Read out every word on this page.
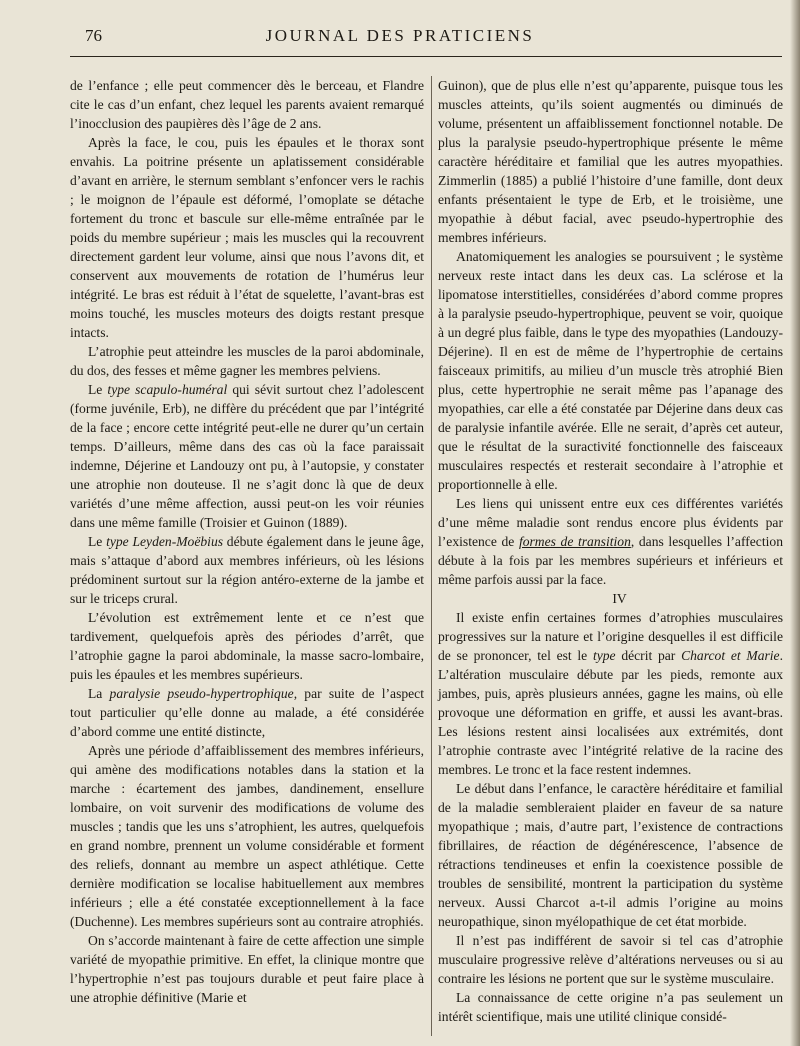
76	JOURNAL DES PRATICIENS

de l’enfance ; elle peut commencer dès le berceau, et Flandre cite le cas d’un enfant, chez lequel les parents avaient remarqué l’inocclusion des paupières dès l’âge de 2 ans.

Après la face, le cou, puis les épaules et le thorax sont envahis. La poitrine présente un aplatissement considérable d’avant en arrière, le sternum semblant s’enfoncer vers le rachis ; le moignon de l’épaule est déformé, l’omoplate se détache fortement du tronc et bascule sur elle-même entraînée par le poids du membre supérieur ; mais les muscles qui la recouvrent directement gardent leur volume, ainsi que nous l’avons dit, et conservent aux mouvements de rotation de l’humérus leur intégrité. Le bras est réduit à l’état de squelette, l’avant-bras est moins touché, les muscles moteurs des doigts restant presque intacts.

L’atrophie peut atteindre les muscles de la paroi abdominale, du dos, des fesses et même gagner les membres pelviens.

Le type scapulo-huméral qui sévit surtout chez l’adolescent (forme juvénile, Erb), ne diffère du précédent que par l’intégrité de la face ; encore cette intégrité peut-elle ne durer qu’un certain temps. D’ailleurs, même dans des cas où la face paraissait indemne, Déjerine et Landouzy ont pu, à l’autopsie, y constater une atrophie non douteuse. Il ne s’agit donc là que de deux variétés d’une même affection, aussi peut-on les voir réunies dans une même famille (Troisier et Guinon (1889).

Le type Leyden-Moëbius débute également dans le jeune âge, mais s’attaque d’abord aux membres inférieurs, où les lésions prédominent surtout sur la région antéro-externe de la jambe et sur le triceps crural.

L’évolution est extrêmement lente et ce n’est que tardivement, quelquefois après des périodes d’arrêt, que l’atrophie gagne la paroi abdominale, la masse sacro-lombaire, puis les épaules et les membres supérieurs.

La paralysie pseudo-hypertrophique, par suite de l’aspect tout particulier qu’elle donne au malade, a été considérée d’abord comme une entité distincte,

Après une période d’affaiblissement des membres inférieurs, qui amène des modifications notables dans la station et la marche : écartement des jambes, dandinement, ensellure lombaire, on voit survenir des modifications de volume des muscles ; tandis que les uns s’atrophient, les autres, quelquefois en grand nombre, prennent un volume considérable et forment des reliefs, donnant au membre un aspect athlétique. Cette dernière modification se localise habituellement aux membres inférieurs ; elle a été constatée exceptionnellement à la face (Duchenne). Les membres supérieurs sont au contraire atrophiés.

On s’accorde maintenant à faire de cette affection une simple variété de myopathie primitive. En effet, la clinique montre que l’hypertrophie n’est pas toujours durable et peut faire place à une atrophie définitive (Marie et

Guinon), que de plus elle n’est qu’apparente, puisque tous les muscles atteints, qu’ils soient augmentés ou diminués de volume, présentent un affaiblissement fonctionnel notable. De plus la paralysie pseudo-hypertrophique présente le même caractère héréditaire et familial que les autres myopathies. Zimmerlin (1885) a publié l’histoire d’une famille, dont deux enfants présentaient le type de Erb, et le troisième, une myopathie à début facial, avec pseudo-hypertrophie des membres inférieurs.

Anatomiquement les analogies se poursuivent ; le système nerveux reste intact dans les deux cas. La sclérose et la lipomatose interstitielles, considérées d’abord comme propres à la paralysie pseudo-hypertrophique, peuvent se voir, quoique à un degré plus faible, dans le type des myopathies (Landouzy-Déjerine). Il en est de même de l’hypertrophie de certains faisceaux primitifs, au milieu d’un muscle très atrophié Bien plus, cette hypertrophie ne serait même pas l’apanage des myopathies, car elle a été constatée par Déjerine dans deux cas de paralysie infantile avérée. Elle ne serait, d’après cet auteur, que le résultat de la suractivité fonctionnelle des faisceaux musculaires respectés et resterait secondaire à l’atrophie et proportionnelle à elle.

Les liens qui unissent entre eux ces différentes variétés d’une même maladie sont rendus encore plus évidents par l’existence de formes de transition, dans lesquelles l’affection débute à la fois par les membres supérieurs et inférieurs et même parfois aussi par la face.

IV

Il existe enfin certaines formes d’atrophies musculaires progressives sur la nature et l’origine desquelles il est difficile de se prononcer, tel est le type décrit par Charcot et Marie. L’altération musculaire débute par les pieds, remonte aux jambes, puis, après plusieurs années, gagne les mains, où elle provoque une déformation en griffe, et aussi les avant-bras. Les lésions restent ainsi localisées aux extrémités, dont l’atrophie contraste avec l’intégrité relative de la racine des membres. Le tronc et la face restent indemnes.

Le début dans l’enfance, le caractère héréditaire et familial de la maladie sembleraient plaider en faveur de sa nature myopathique ; mais, d’autre part, l’existence de contractions fibrillaires, de réaction de dégénérescence, l’absence de rétractions tendineuses et enfin la coexistence possible de troubles de sensibilité, montrent la participation du système nerveux. Aussi Charcot a-t-il admis l’origine au moins neuropathique, sinon myélopathique de cet état morbide.

Il n’est pas indifférent de savoir si tel cas d’atrophie musculaire progressive relève d’altérations nerveuses ou si au contraire les lésions ne portent que sur le système musculaire.

La connaissance de cette origine n’a pas seulement un intérêt scientifique, mais une utilité clinique considé-
